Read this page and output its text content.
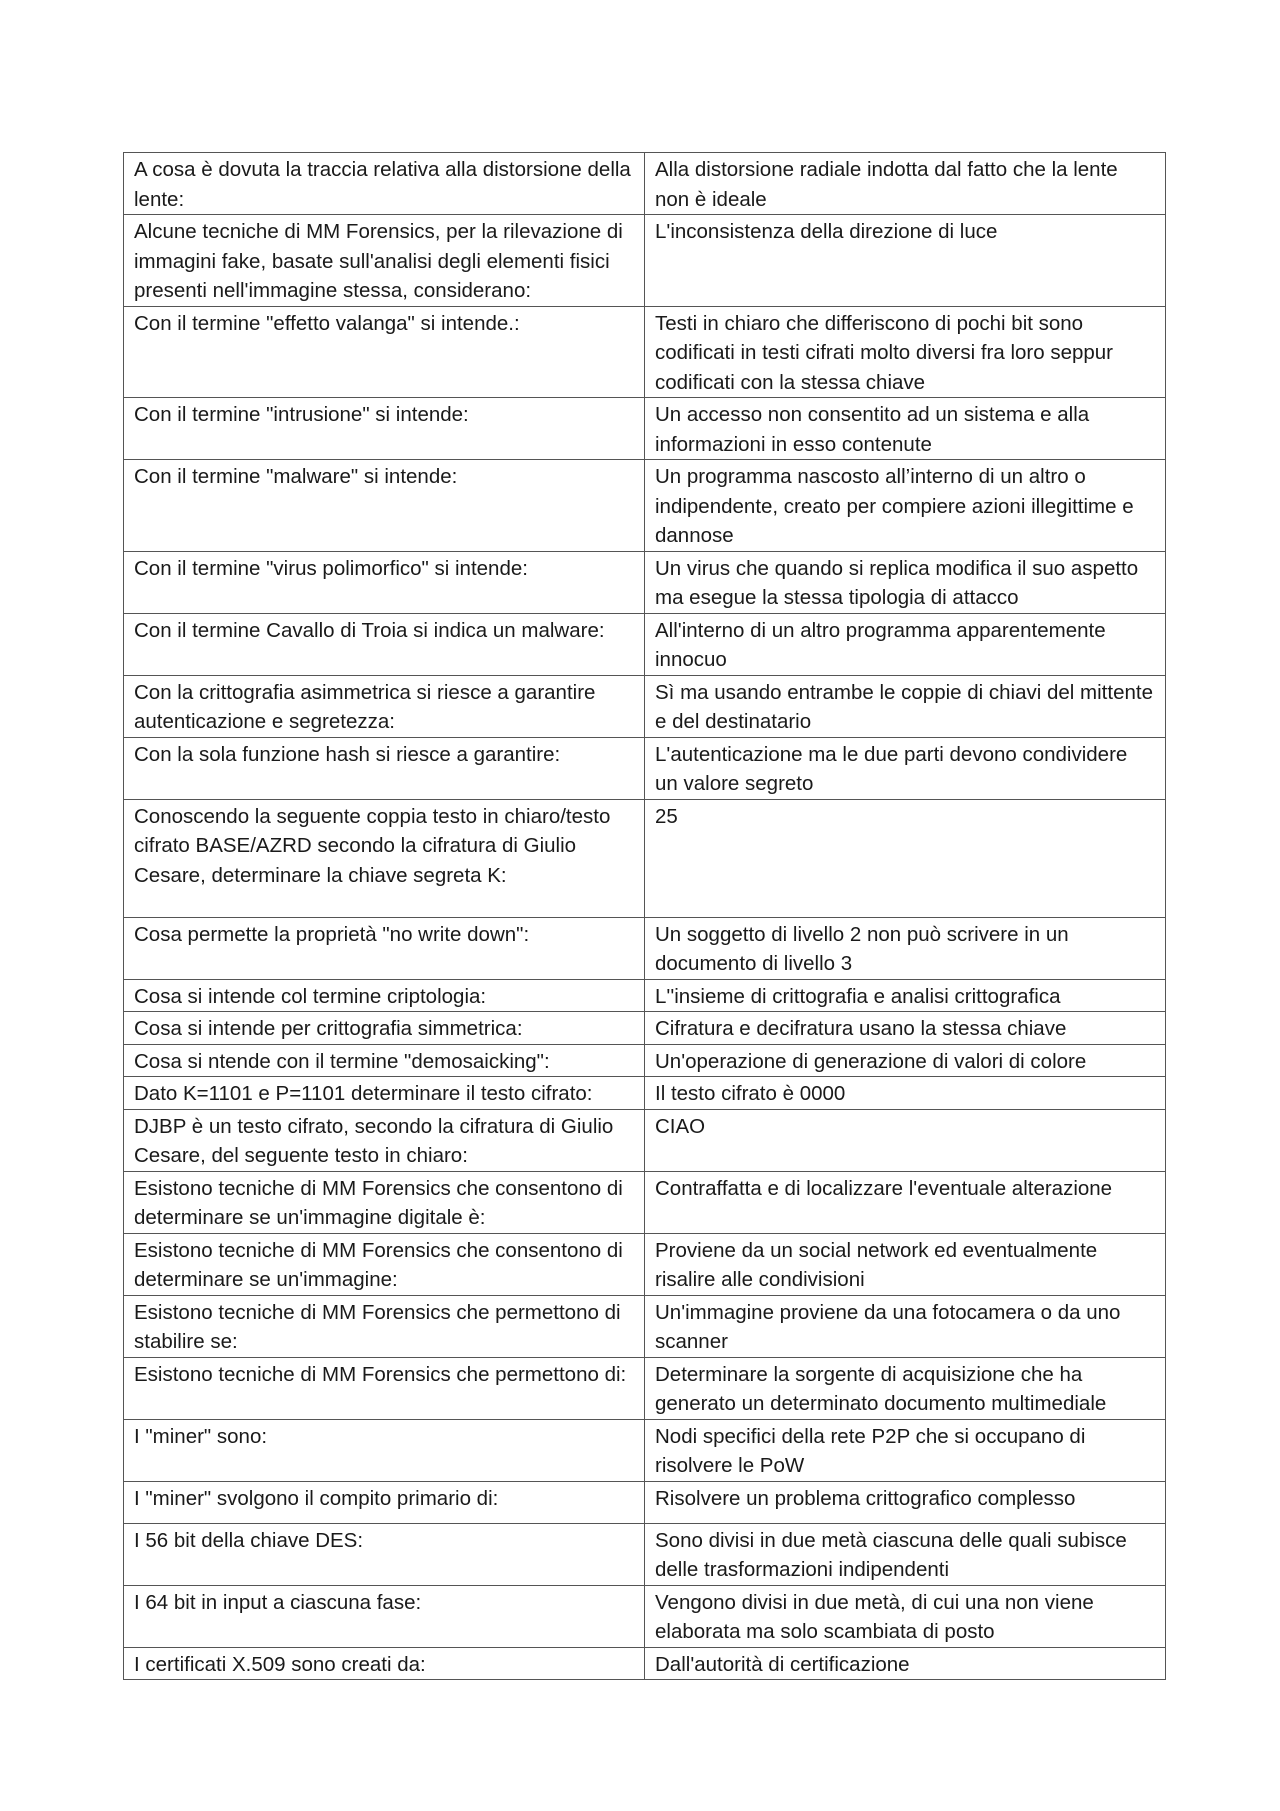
A cosa è dovuta la traccia relativa alla distorsione della lente:	Alla distorsione radiale indotta dal fatto che la lente non è ideale
Alcune tecniche di MM Forensics, per la rilevazione di immagini fake, basate sull'analisi degli elementi fisici presenti nell'immagine stessa, considerano:	L'inconsistenza della direzione di luce
Con il termine "effetto valanga" si intende.:	Testi in chiaro che differiscono di pochi bit sono codificati in testi cifrati molto diversi fra loro seppur codificati con la stessa chiave
Con il termine "intrusione" si intende:	Un accesso non consentito ad un sistema e alla informazioni in esso contenute
Con il termine "malware" si intende:	Un programma nascosto all’interno di un altro o indipendente, creato per compiere azioni illegittime e dannose
Con il termine "virus polimorfico" si intende:	Un virus che quando si replica modifica il suo aspetto ma esegue la stessa tipologia di attacco
Con il termine Cavallo di Troia si indica un malware:	All'interno di un altro programma apparentemente innocuo
Con la crittografia asimmetrica si riesce a garantire autenticazione e segretezza:	Sì ma usando entrambe le coppie di chiavi del mittente e del destinatario
Con la sola funzione hash si riesce a garantire:	L'autenticazione ma le due parti devono condividere un valore segreto
Conoscendo la seguente coppia testo in chiaro/testo cifrato BASE/AZRD secondo la cifratura di Giulio Cesare, determinare la chiave segreta K:	25
Cosa permette la proprietà "no write down":	Un soggetto di livello 2 non può scrivere in un documento di livello 3
Cosa si intende col termine criptologia:	L''insieme di crittografia e analisi crittografica
Cosa si intende per crittografia simmetrica:	Cifratura e decifratura usano la stessa chiave
Cosa si ntende con il termine "demosaicking":	Un'operazione di generazione di valori di colore
Dato K=1101 e P=1101 determinare il testo cifrato:	Il testo cifrato è 0000
DJBP è un testo cifrato, secondo la cifratura di Giulio Cesare, del seguente testo in chiaro:	CIAO
Esistono tecniche di MM Forensics che consentono di determinare se un'immagine digitale è:	Contraffatta e di localizzare l'eventuale alterazione
Esistono tecniche di MM Forensics che consentono di determinare se un'immagine:	Proviene da un social network ed eventualmente risalire alle condivisioni
Esistono tecniche di MM Forensics che permettono di stabilire se:	Un'immagine proviene da una fotocamera o da uno scanner
Esistono tecniche di MM Forensics che permettono di:	Determinare la sorgente di acquisizione che ha generato un determinato documento multimediale
I "miner" sono:	Nodi specifici della rete P2P che si occupano di risolvere le PoW
I "miner" svolgono il compito primario di:	Risolvere un problema crittografico complesso
I 56 bit della chiave DES:	Sono divisi in due metà ciascuna delle quali subisce delle trasformazioni indipendenti
I 64 bit in input a ciascuna fase:	Vengono divisi in due metà, di cui una non viene elaborata ma solo scambiata di posto
I certificati X.509 sono creati da:	Dall'autorità di certificazione
